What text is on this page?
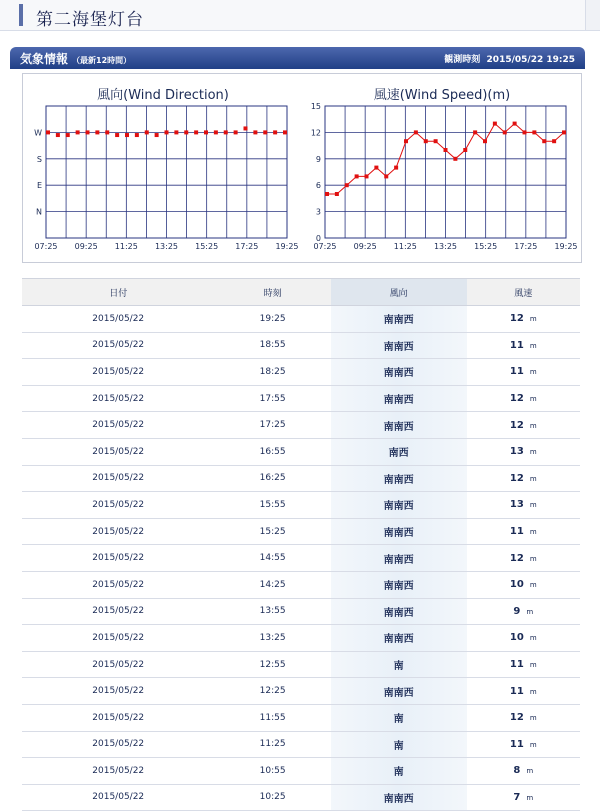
第二海堡灯台
気象情報 （最新12時間）	観測時刻 2015/05/22 19:25
風向(Wind Direction)
07:25 09:25 11:25 13:25 15:25 17:25 19:25
W
S
E
N
風速(Wind Speed)(m)
07:25 09:25 11:25 13:25 15:25 17:25 19:25
0
3
6
9
12
15
日付	時刻	風向	風速
2015/05/22	19:25	南南西	12 m
2015/05/22	18:55	南南西	11 m
2015/05/22	18:25	南南西	11 m
2015/05/22	17:55	南南西	12 m
2015/05/22	17:25	南南西	12 m
2015/05/22	16:55	南西	13 m
2015/05/22	16:25	南南西	12 m
2015/05/22	15:55	南南西	13 m
2015/05/22	15:25	南南西	11 m
2015/05/22	14:55	南南西	12 m
2015/05/22	14:25	南南西	10 m
2015/05/22	13:55	南南西	9 m
2015/05/22	13:25	南南西	10 m
2015/05/22	12:55	南	11 m
2015/05/22	12:25	南南西	11 m
2015/05/22	11:55	南	12 m
2015/05/22	11:25	南	11 m
2015/05/22	10:55	南	8 m
2015/05/22	10:25	南南西	7 m
